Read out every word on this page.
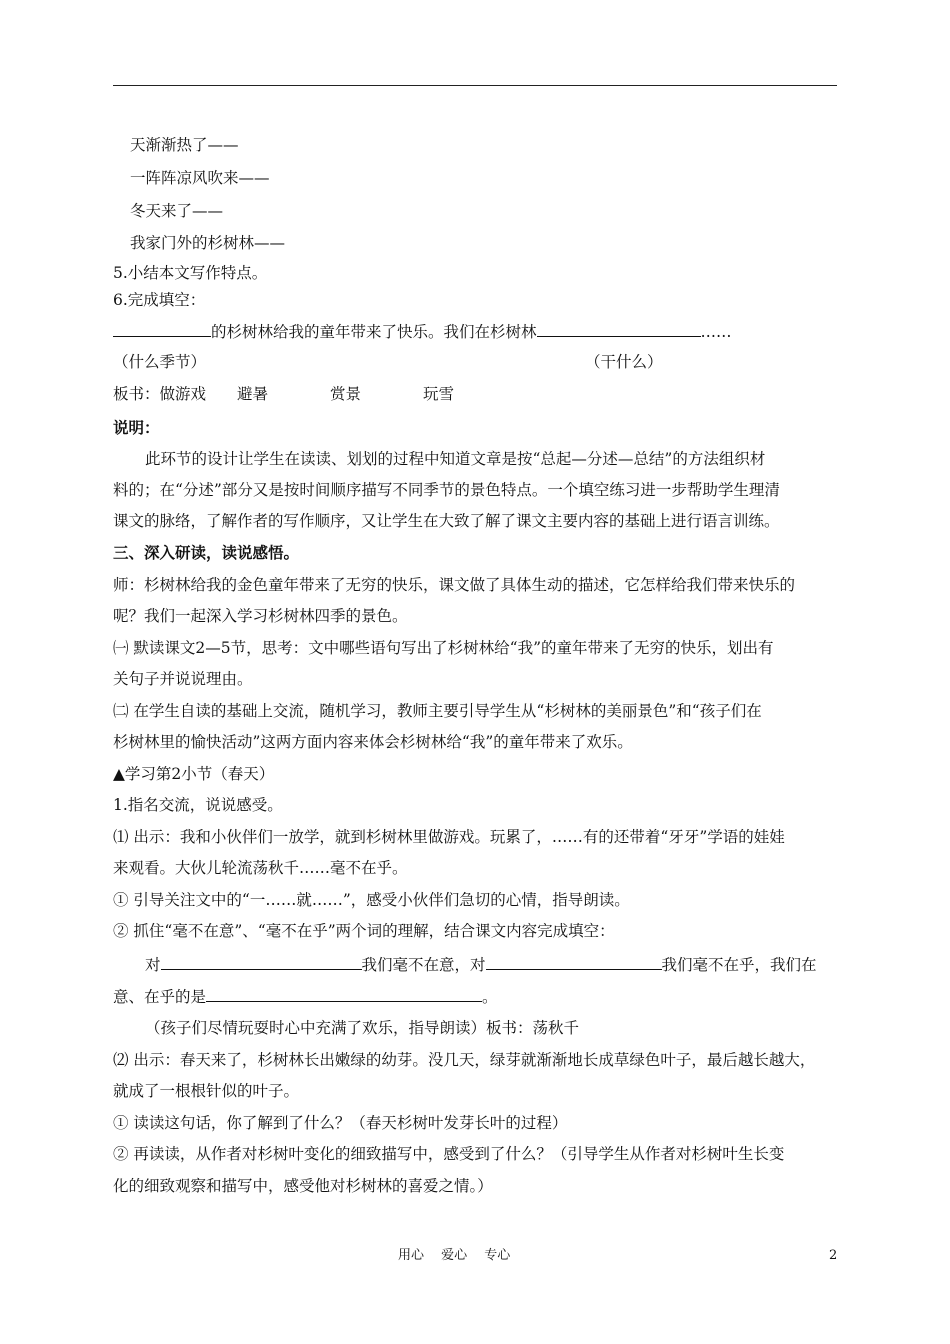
天渐渐热了——
一阵阵凉风吹来——
冬天来了——
我家门外的杉树林——
5.小结本文写作特点。
6.完成填空：
的杉树林给我的童年带来了快乐。我们在杉树林	……
（什么季节）	（干什么）
板书：做游戏　　避暑　　　　赏景　　　　玩雪
说明：
此环节的设计让学生在读读、划划的过程中知道文章是按“总起—分述—总结”的方法组织材
料的；在“分述”部分又是按时间顺序描写不同季节的景色特点。一个填空练习进一步帮助学生理清
课文的脉络，了解作者的写作顺序，又让学生在大致了解了课文主要内容的基础上进行语言训练。
三、深入研读，读说感悟。
师：杉树林给我的金色童年带来了无穷的快乐，课文做了具体生动的描述，它怎样给我们带来快乐的
呢？我们一起深入学习杉树林四季的景色。
㈠ 默读课文2—5节，思考：文中哪些语句写出了杉树林给“我”的童年带来了无穷的快乐，划出有
关句子并说说理由。
㈡ 在学生自读的基础上交流，随机学习，教师主要引导学生从“杉树林的美丽景色”和“孩子们在
杉树林里的愉快活动”这两方面内容来体会杉树林给“我”的童年带来了欢乐。
▲学习第2小节（春天）
1.指名交流，说说感受。
⑴ 出示：我和小伙伴们一放学，就到杉树林里做游戏。玩累了，……有的还带着“牙牙”学语的娃娃
来观看。大伙儿轮流荡秋千……毫不在乎。
① 引导关注文中的“一……就……”，感受小伙伴们急切的心情，指导朗读。
② 抓住“毫不在意”、“毫不在乎”两个词的理解，结合课文内容完成填空：
对	我们毫不在意，对	我们毫不在乎，我们在
意、在乎的是	。
（孩子们尽情玩耍时心中充满了欢乐，指导朗读）板书：荡秋千
⑵ 出示：春天来了，杉树林长出嫩绿的幼芽。没几天，绿芽就渐渐地长成草绿色叶子，最后越长越大，
就成了一根根针似的叶子。
① 读读这句话，你了解到了什么？（春天杉树叶发芽长叶的过程）
② 再读读，从作者对杉树叶变化的细致描写中，感受到了什么？（引导学生从作者对杉树叶生长变
化的细致观察和描写中，感受他对杉树林的喜爱之情。）
用心　 爱心　 专心	2
